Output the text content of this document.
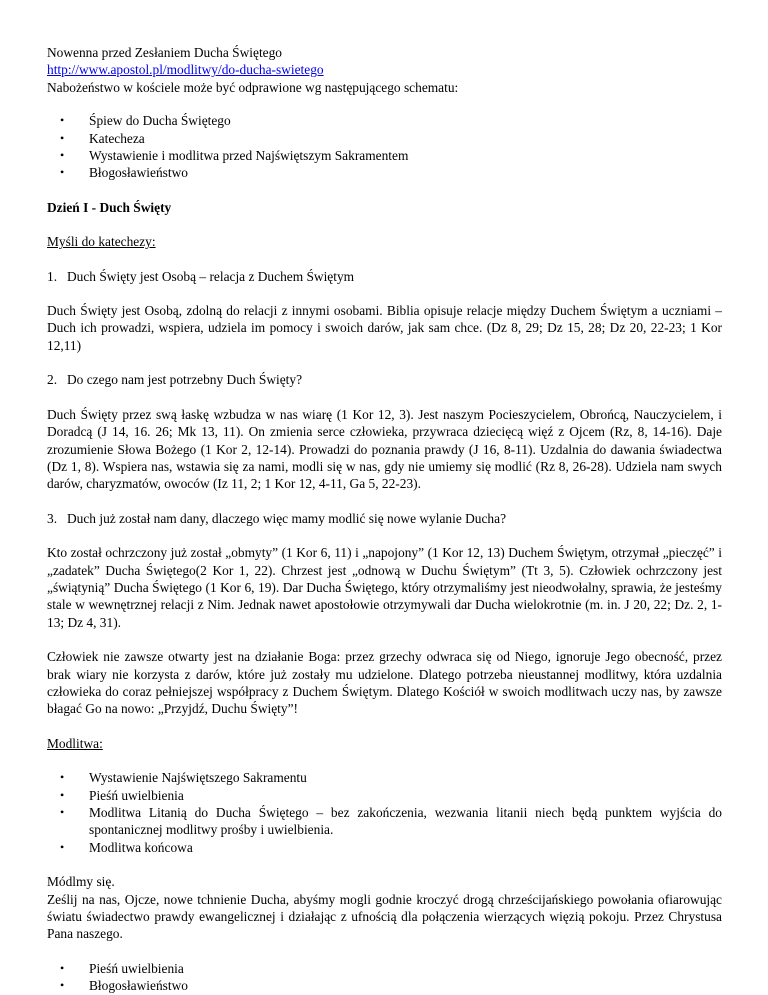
Nowenna przed Zesłaniem Ducha Świętego

http://www.apostol.pl/modlitwy/do-ducha-swietego

Nabożeństwo w kościele może być odprawione wg następującego schematu:

• Śpiew do Ducha Świętego
• Katecheza
• Wystawienie i modlitwa przed Najświętszym Sakramentem
• Błogosławieństwo

Dzień I - Duch Święty

Myśli do katechezy:

1. Duch Święty jest Osobą – relacja z Duchem Świętym

Duch Święty jest Osobą, zdolną do relacji z innymi osobami. Biblia opisuje relacje między Duchem Świętym a uczniami – Duch ich prowadzi, wspiera, udziela im pomocy i swoich darów, jak sam chce. (Dz 8, 29; Dz 15, 28; Dz 20, 22-23; 1 Kor 12,11)

2. Do czego nam jest potrzebny Duch Święty?

Duch Święty przez swą łaskę wzbudza w nas wiarę (1 Kor 12, 3). Jest naszym Pocieszycielem, Obrońcą, Nauczycielem, i Doradcą (J 14, 16. 26; Mk 13, 11). On zmienia serce człowieka, przywraca dziecięcą więź z Ojcem (Rz, 8, 14-16). Daje zrozumienie Słowa Bożego (1 Kor 2, 12-14). Prowadzi do poznania prawdy (J 16, 8-11). Uzdalnia do dawania świadectwa (Dz 1, 8). Wspiera nas, wstawia się za nami, modli się w nas, gdy nie umiemy się modlić (Rz 8, 26-28). Udziela nam swych darów, charyzmatów, owoców (Iz 11, 2; 1 Kor 12, 4-11, Ga 5, 22-23).

3. Duch już został nam dany, dlaczego więc mamy modlić się nowe wylanie Ducha?

Kto został ochrzczony już został „obmyty” (1 Kor 6, 11) i „napojony” (1 Kor 12, 13) Duchem Świętym, otrzymał „pieczęć” i „zadatek” Ducha Świętego(2 Kor 1, 22). Chrzest jest „odnową w Duchu Świętym” (Tt 3, 5). Człowiek ochrzczony jest „świątynią” Ducha Świętego (1 Kor 6, 19). Dar Ducha Świętego, który otrzymaliśmy jest nieodwołalny, sprawia, że jesteśmy stale w wewnętrznej relacji z Nim. Jednak nawet apostołowie otrzymywali dar Ducha wielokrotnie (m. in. J 20, 22; Dz. 2, 1-13; Dz 4, 31).

Człowiek nie zawsze otwarty jest na działanie Boga: przez grzechy odwraca się od Niego, ignoruje Jego obecność, przez brak wiary nie korzysta z darów, które już zostały mu udzielone. Dlatego potrzeba nieustannej modlitwy, która uzdalnia człowieka do coraz pełniejszej współpracy z Duchem Świętym. Dlatego Kościół w swoich modlitwach uczy nas, by zawsze błagać Go na nowo: „Przyjdź, Duchu Święty”!

Modlitwa:

• Wystawienie Najświętszego Sakramentu
• Pieśń uwielbienia
• Modlitwa Litanią do Ducha Świętego – bez zakończenia, wezwania litanii niech będą punktem wyjścia do spontanicznej modlitwy prośby i uwielbienia.
• Modlitwa końcowa

Módlmy się.

Ześlij na nas, Ojcze, nowe tchnienie Ducha, abyśmy mogli godnie kroczyć drogą chrześcijańskiego powołania ofiarowując światu świadectwo prawdy ewangelicznej i działając z ufnością dla połączenia wierzących więzią pokoju. Przez Chrystusa Pana naszego.

• Pieśń uwielbienia
• Błogosławieństwo
